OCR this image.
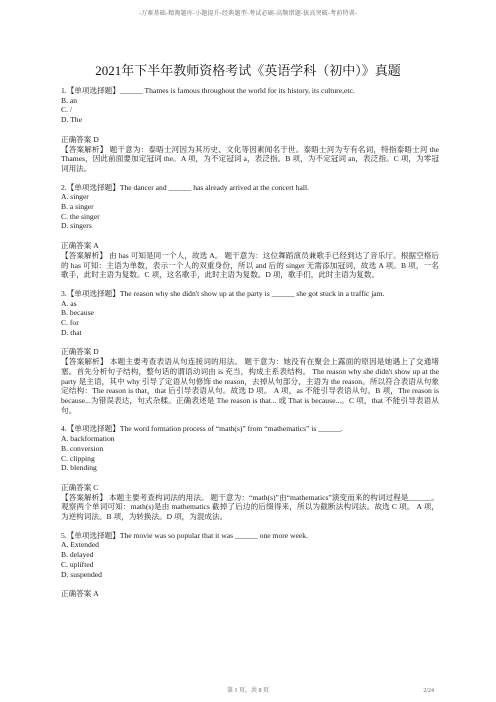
-万寨基础-精淘题库-小题提升-经典题型-考试必刷-高频错题-拔高突破-考前特训-
2021年下半年教师资格考试《英语学科（初中）》真题

1.【单项选择题】______ Thames is famous throughout the world for its history, its culture,etc.

B. an

C. /

D. The

正确答案 D

【答案解析】 题干意为：泰晤士河因为其历史、文化等因素闻名于世。泰晤士河为专有名词，特指泰晤士河 the Thames，因此前面要加定冠词 the。A 项，为不定冠词 a，表泛指。B 项，为不定冠词 an，表泛指。C 项，为零冠词用法。

2.【单项选择题】The dancer and ______ has already arrived at the concert hall.

A. singer

B. a singer

C. the singer

D. singers

正确答案 A

【答案解析】 由 has 可知是同一个人，故选 A。 题干意为：这位舞蹈演员兼歌手已经到达了音乐厅。根据空格后的 has 可知：主语为单数，表示一个人的双重身份，所以 and 后的 singer 无需添加冠词，故选 A 项。B 项，一名歌手，此时主语为复数。C 项，这名歌手，此时主语为复数。D 项，歌手们，此时主语为复数。

3.【单项选择题】The reason why she didn't show up at the party is ______ she got stuck in a traffic jam.

A. as

B. because

C. for

D. that

正确答案 D

【答案解析】 本题主要考查表语从句连接词的用法。 题干意为：她没有在聚会上露面的原因是她遇上了交通堵塞。首先分析句子结构，整句话的谓语动词由 is 充当，构成主系表结构。 The reason why she didn't show up at the party 是主语，其中 why 引导了定语从句修饰 the reason，去掉从句部分，主语为 the reason。所以符合表语从句象定结构：The reason is that，that 后引导表语从句。故选 D 项。 A 项，as 不能引导表语从句。B 项，The reason is because...为错误表达，句式杂糅。正确表述是 The reason is that... 或 That is because...。C 项，that 不能引导表语从句。

4.【单项选择题】The word formation process of “math(s)” from “mathematics” is ______.

A. backformation

B. conversion

C. clipping

D. blending

正确答案 C

【答案解析】 本题主要考查构词法的用法。 题干意为：“math(s)”由“mathematics”演变而来的构词过程是______。观察两个单词可知：math(s)是由 mathematics 截掉了后边的后缀得来，所以为截断法构词法。故选 C 项。 A 项，为逆构词法。B 项，为转换法。D 项，为混成法。

5.【单项选择题】The movie was so popular that it was ______ one more week.

A. Extended

B. delayed

C. uplifted

D. suspended

正确答案 A

第 1 页，共 8 页	2/24
